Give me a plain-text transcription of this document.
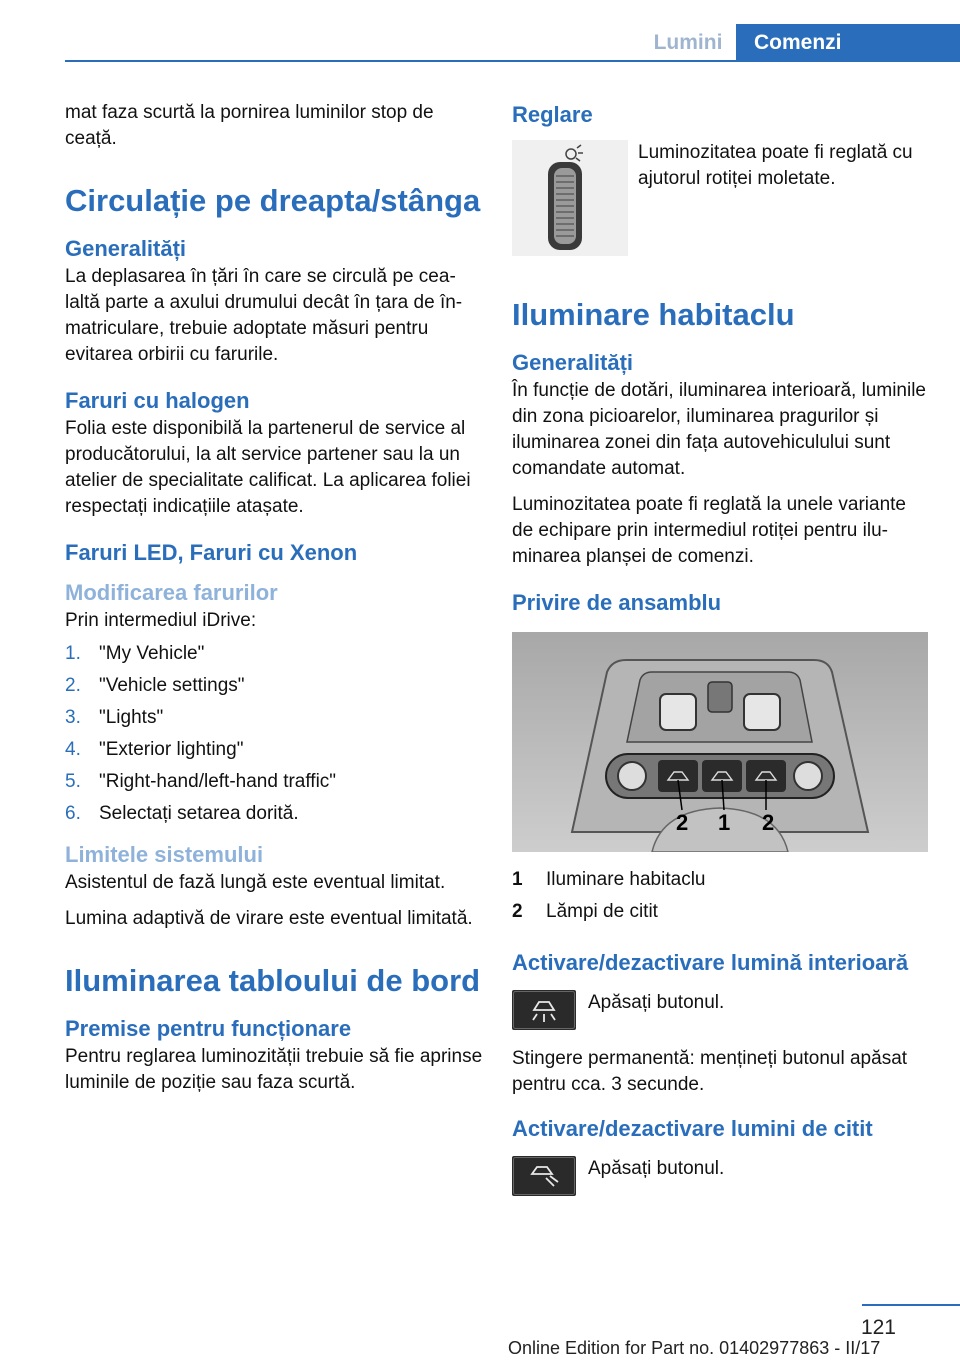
Lumini	Comenzi

mat faza scurtă la pornirea luminilor stop de ceață.

Circulație pe dreapta/stânga
Generalități

La deplasarea în țări în care se circulă pe cealaltă parte a axului drumului decât în țara de înmatriculare, trebuie adoptate măsuri pentru evitarea orbirii cu farurile.

Faruri cu halogen

Folia este disponibilă la partenerul de service al producătorului, la alt service partener sau la un atelier de specialitate calificat. La aplicarea foliei respectați indicațiile atașate.

Faruri LED, Faruri cu Xenon
Modificarea farurilor

Prin intermediul iDrive:

1. "My Vehicle"
2. "Vehicle settings"
3. "Lights"
4. "Exterior lighting"
5. "Right-hand/left-hand traffic"
6. Selectați setarea dorită.
Limitele sistemului

Asistentul de fază lungă este eventual limitat.

Lumina adaptivă de virare este eventual limitată.

Iluminarea tabloului de bord
Premise pentru funcționare

Pentru reglarea luminozității trebuie să fie aprinse luminile de poziție sau faza scurtă.

Reglare

Luminozitatea poate fi reglată cu ajutorul rotiței moletate.

Iluminare habitaclu
Generalități

În funcție de dotări, iluminarea interioară, luminile din zona picioarelor, iluminarea pragurilor și iluminarea zonei din fața autovehiculului sunt comandate automat.

Luminozitatea poate fi reglată la unele variante de echipare prin intermediul rotiței pentru iluminarea planșei de comenzi.

Privire de ansamblu
2 1 2
1	Iluminare habitaclu
2	Lămpi de citit
Activare/dezactivare lumină interioară

Apăsați butonul.

Stingere permanentă: mențineți butonul apăsat pentru cca. 3 secunde.

Activare/dezactivare lumini de citit

Apăsați butonul.

121
Online Edition for Part no. 01402977863 - II/17
